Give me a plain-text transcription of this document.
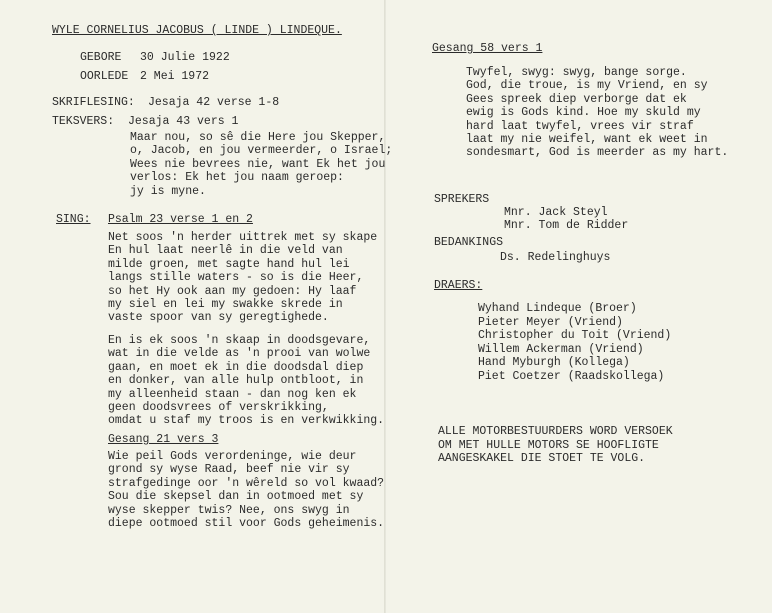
WYLE CORNELIUS JACOBUS ( LINDE ) LINDEQUE.
GEBORE 30 Julie 1922
OORLEDE 2 Mei 1972
SKRIFLESING: Jesaja 42 verse 1-8
TEKSVERS: Jesaja 43 vers 1
Maar nou, so sê die Here jou Skepper,
o, Jacob, en jou vermeerder, o Israel;
Wees nie bevrees nie, want Ek het jou
verlos: Ek het jou naam geroep:
jy is myne.
SING: Psalm 23 verse 1 en 2
Net soos 'n herder uittrek met sy skape
En hul laat neerlê in die veld van
milde groen, met sagte hand hul lei
langs stille waters - so is die Heer,
so het Hy ook aan my gedoen: Hy laaf
my siel en lei my swakke skrede in
vaste spoor van sy geregtighede.
En is ek soos 'n skaap in doodsgevare,
wat in die velde as 'n prooi van wolwe
gaan, en moet ek in die doodsdal diep
en donker, van alle hulp ontbloot, in
my alleenheid staan - dan nog ken ek
geen doodsvrees of verskrikking,
omdat u staf my troos is en verkwikking.
Gesang 21 vers 3
Wie peil Gods verordeninge, wie deur
grond sy wyse Raad, beef nie vir sy
strafgedinge oor 'n wêreld so vol kwaad?
Sou die skepsel dan in ootmoed met sy
wyse skepper twis? Nee, ons swyg in
diepe ootmoed stil voor Gods geheimenis.
Gesang 58 vers 1
Twyfel, swyg: swyg, bange sorge.
God, die troue, is my Vriend, en sy
Gees spreek diep verborge dat ek
ewig is Gods kind. Hoe my skuld my
hard laat twyfel, vrees vir straf
laat my nie weifel, want ek weet in
sondesmart, God is meerder as my hart.
SPREKERS
Mnr. Jack Steyl
Mnr. Tom de Ridder
BEDANKINGS
Ds. Redelinghuys
DRAERS:
Wyhand Lindeque (Broer)
Pieter Meyer (Vriend)
Christopher du Toit (Vriend)
Willem Ackerman (Vriend)
Hand Myburgh (Kollega)
Piet Coetzer (Raadskollega)
ALLE MOTORBESTUURDERS WORD VERSOEK
OM MET HULLE MOTORS SE HOOFLIGTE
AANGESKAKEL DIE STOET TE VOLG.
